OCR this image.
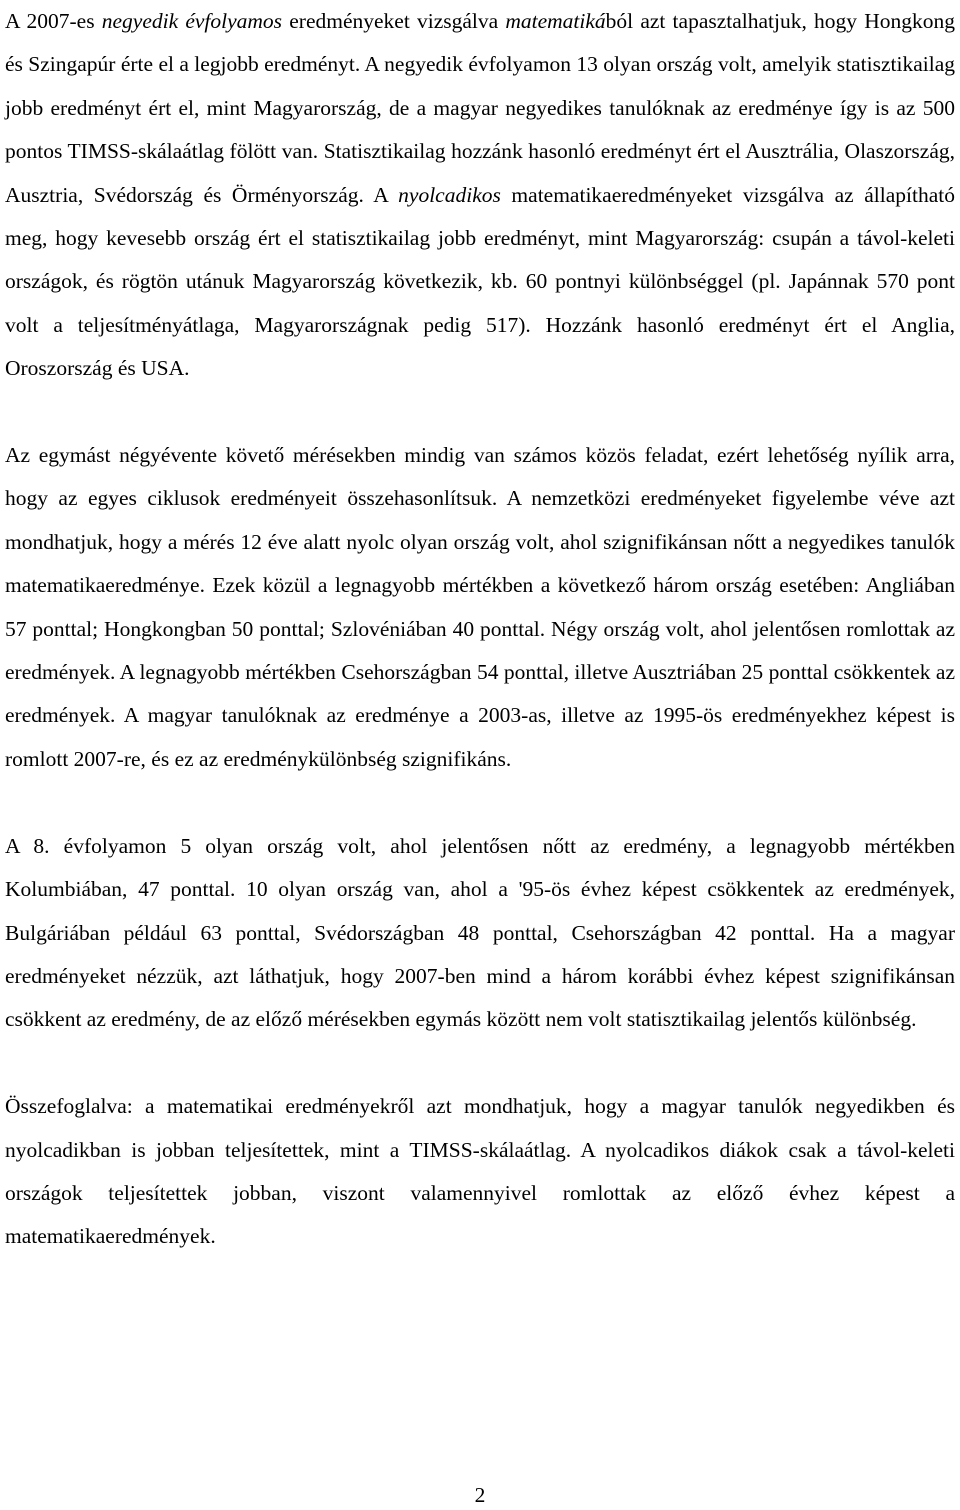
A 2007-es negyedik évfolyamos eredményeket vizsgálva matematikából azt tapasztalhatjuk, hogy Hongkong és Szingapúr érte el a legjobb eredményt. A negyedik évfolyamon 13 olyan ország volt, amelyik statisztikailag jobb eredményt ért el, mint Magyarország, de a magyar negyedikes tanulóknak az eredménye így is az 500 pontos TIMSS-skálaátlag fölött van. Statisztikailag hozzánk hasonló eredményt ért el Ausztrália, Olaszország, Ausztria, Svédország és Örményország. A nyolcadikos matematikaeredményeket vizsgálva az állapítható meg, hogy kevesebb ország ért el statisztikailag jobb eredményt, mint Magyarország: csupán a távol-keleti országok, és rögtön utánuk Magyarország következik, kb. 60 pontnyi különbséggel (pl. Japánnak 570 pont volt a teljesítményátlaga, Magyarországnak pedig 517). Hozzánk hasonló eredményt ért el Anglia, Oroszország és USA.

Az egymást négyévente követő mérésekben mindig van számos közös feladat, ezért lehetőség nyílik arra, hogy az egyes ciklusok eredményeit összehasonlítsuk. A nemzetközi eredményeket figyelembe véve azt mondhatjuk, hogy a mérés 12 éve alatt nyolc olyan ország volt, ahol szignifikánsan nőtt a negyedikes tanulók matematikaeredménye. Ezek közül a legnagyobb mértékben a következő három ország esetében: Angliában 57 ponttal; Hongkongban 50 ponttal; Szlovéniában 40 ponttal. Négy ország volt, ahol jelentősen romlottak az eredmények. A legnagyobb mértékben Csehországban 54 ponttal, illetve Ausztriában 25 ponttal csökkentek az eredmények. A magyar tanulóknak az eredménye a 2003-as, illetve az 1995-ös eredményekhez képest is romlott 2007-re, és ez az eredménykülönbség szignifikáns.

A 8. évfolyamon 5 olyan ország volt, ahol jelentősen nőtt az eredmény, a legnagyobb mértékben Kolumbiában, 47 ponttal. 10 olyan ország van, ahol a '95-ös évhez képest csökkentek az eredmények, Bulgáriában például 63 ponttal, Svédországban 48 ponttal, Csehországban 42 ponttal. Ha a magyar eredményeket nézzük, azt láthatjuk, hogy 2007-ben mind a három korábbi évhez képest szignifikánsan csökkent az eredmény, de az előző mérésekben egymás között nem volt statisztikailag jelentős különbség.

Összefoglalva: a matematikai eredményekről azt mondhatjuk, hogy a magyar tanulók negyedikben és nyolcadikban is jobban teljesítettek, mint a TIMSS-skálaátlag. A nyolcadikos diákok csak a távol-keleti országok teljesítettek jobban, viszont valamennyivel romlottak az előző évhez képest a matematikaeredmények.

2
